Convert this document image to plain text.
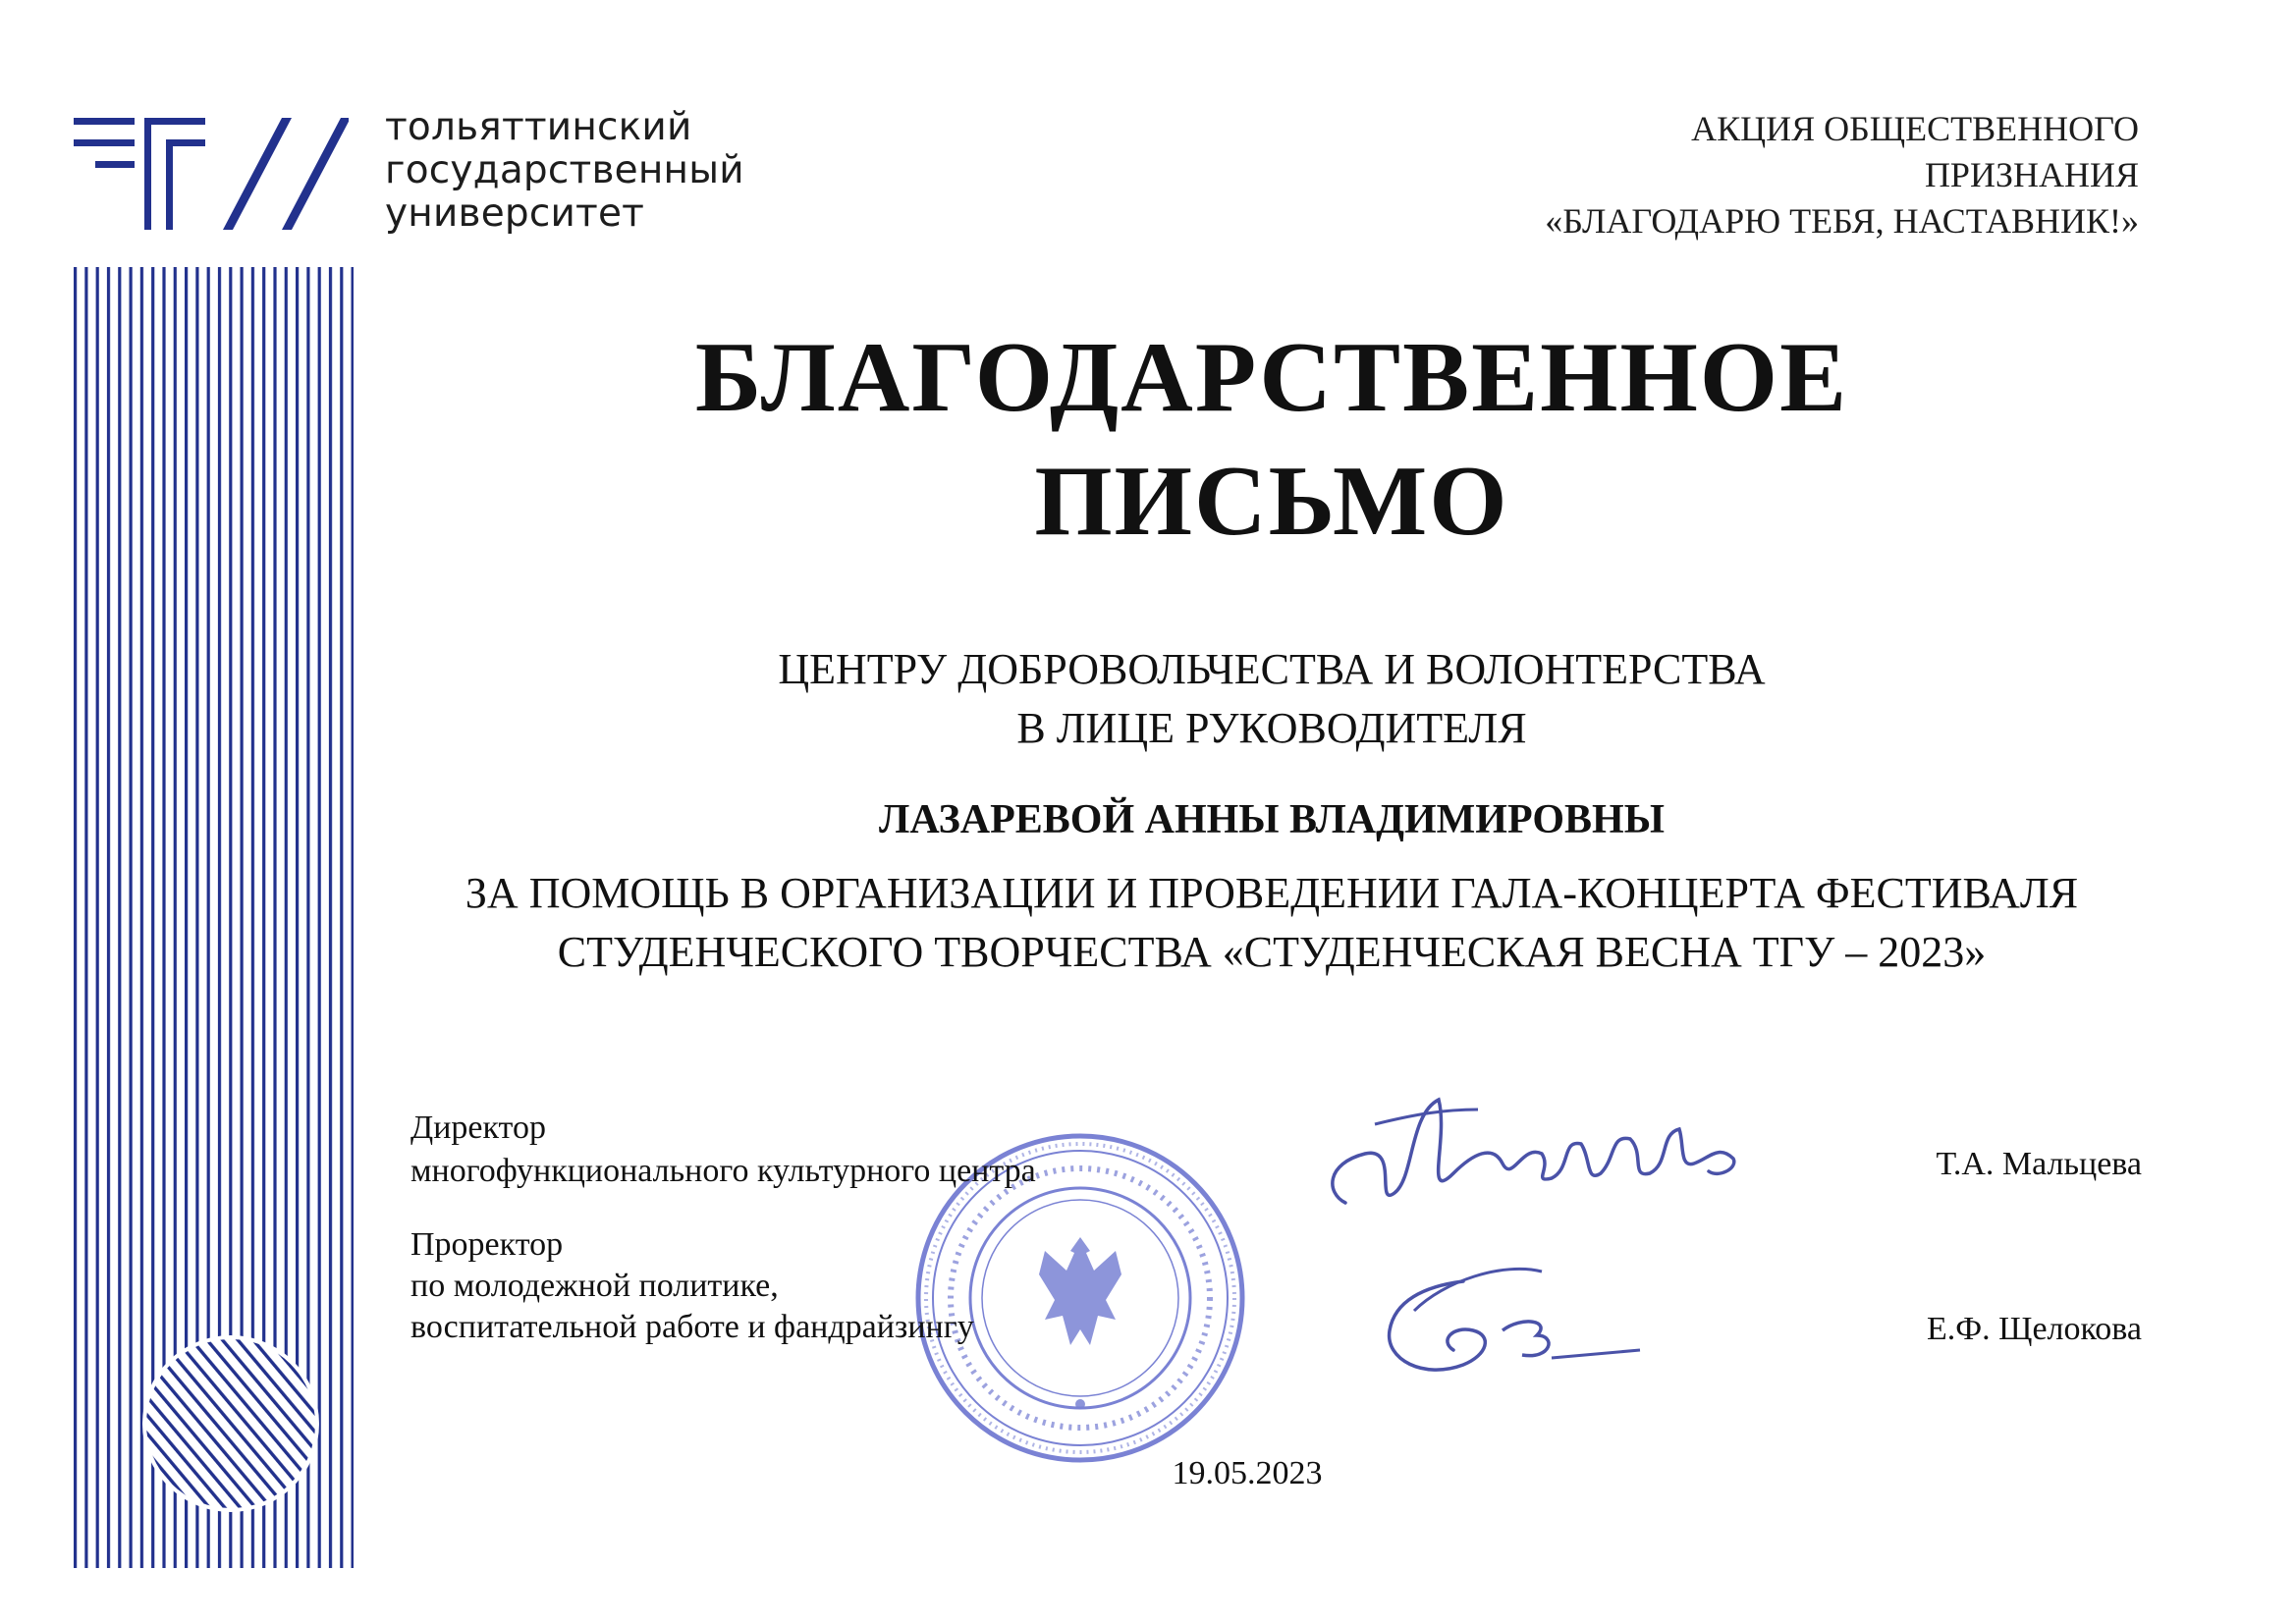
тольяттинский
государственный
университет
АКЦИЯ ОБЩЕСТВЕННОГО
ПРИЗНАНИЯ
«БЛАГОДАРЮ ТЕБЯ, НАСТАВНИК!»
БЛАГОДАРСТВЕННОЕ
ПИСЬМО
ЦЕНТРУ ДОБРОВОЛЬЧЕСТВА И ВОЛОНТЕРСТВА
В ЛИЦЕ РУКОВОДИТЕЛЯ
ЛАЗАРЕВОЙ АННЫ ВЛАДИМИРОВНЫ
ЗА ПОМОЩЬ В ОРГАНИЗАЦИИ И ПРОВЕДЕНИИ ГАЛА-КОНЦЕРТА ФЕСТИВАЛЯ
СТУДЕНЧЕСКОГО ТВОРЧЕСТВА «СТУДЕНЧЕСКАЯ ВЕСНА ТГУ – 2023»
Директор
многофункционального культурного центра
Проректор
по молодежной политике,
воспитательной работе и фандрайзингу
Т.А. Мальцева
Е.Ф. Щелокова
19.05.2023
